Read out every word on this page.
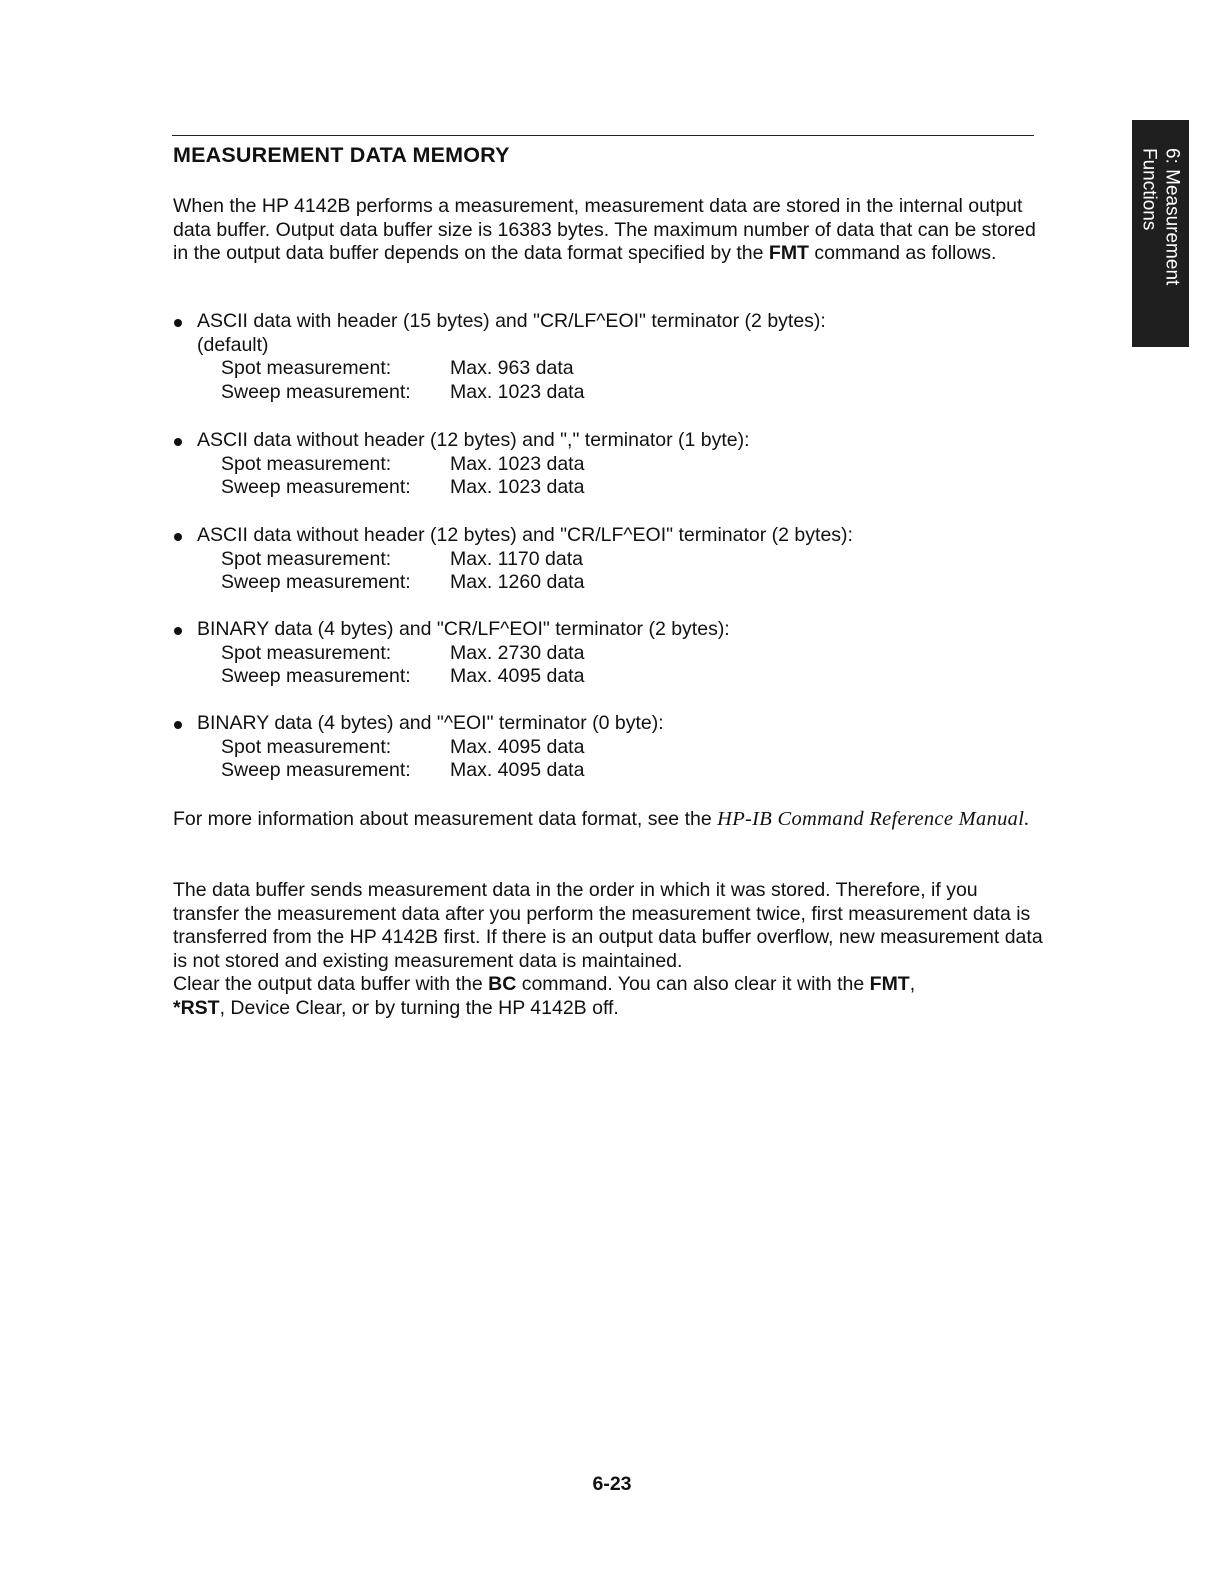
MEASUREMENT DATA MEMORY

When the HP 4142B performs a measurement, measurement data are stored in the internal output data buffer. Output data buffer size is 16383 bytes. The maximum number of data that can be stored in the output data buffer depends on the data format specified by the FMT command as follows.

ASCII data with header (15 bytes) and "CR/LF^EOI" terminator (2 bytes):
(default)
Spot measurement:	Max. 963 data
Sweep measurement:	Max. 1023 data
ASCII data without header (12 bytes) and "," terminator (1 byte):
Spot measurement:	Max. 1023 data
Sweep measurement:	Max. 1023 data
ASCII data without header (12 bytes) and "CR/LF^EOI" terminator (2 bytes):
Spot measurement:	Max. 1170 data
Sweep measurement:	Max. 1260 data
BINARY data (4 bytes) and "CR/LF^EOI" terminator (2 bytes):
Spot measurement:	Max. 2730 data
Sweep measurement:	Max. 4095 data
BINARY data (4 bytes) and "^EOI" terminator (0 byte):
Spot measurement:	Max. 4095 data
Sweep measurement:	Max. 4095 data

For more information about measurement data format, see the HP-IB Command Reference Manual.

The data buffer sends measurement data in the order in which it was stored. Therefore, if you transfer the measurement data after you perform the measurement twice, first measurement data is transferred from the HP 4142B first. If there is an output data buffer overflow, new measurement data is not stored and existing measurement data is maintained.
Clear the output data buffer with the BC command. You can also clear it with the FMT,
*RST, Device Clear, or by turning the HP 4142B off.
6: Measurement
Functions
6-23
